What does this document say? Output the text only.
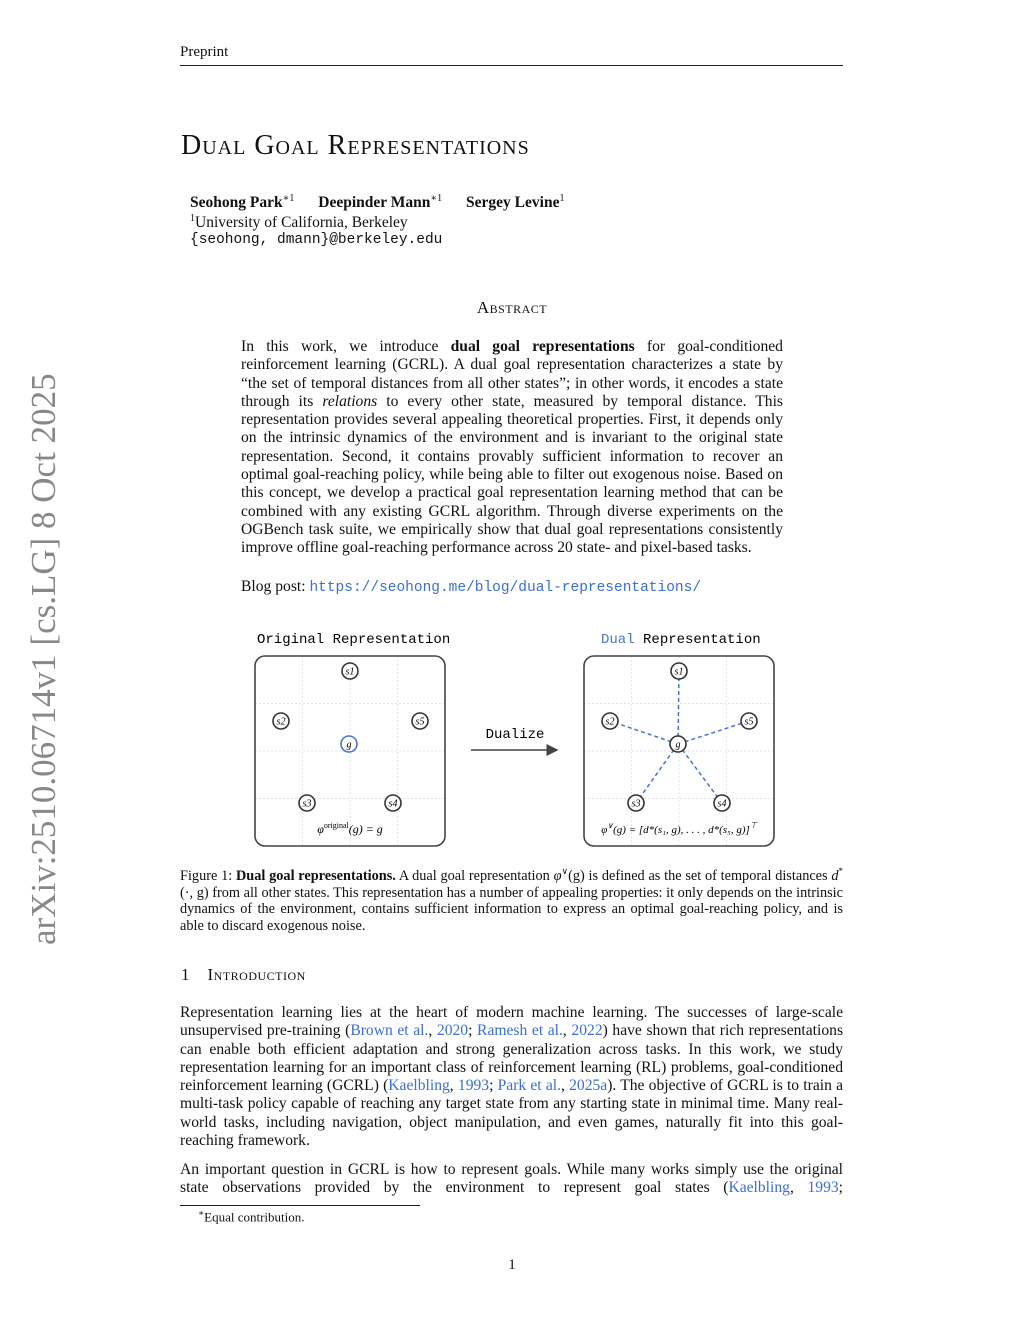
Preprint
Dual Goal Representations
Seohong Park$^{∗1}$ Deepinder Mann$^{∗1}$ Sergey Levine$^1$
$^1$University of California, Berkeley
{seohong, dmann}@berkeley.edu
Abstract
In this work, we introduce dual goal representations for goal-conditioned reinforcement learning (GCRL). A dual goal representation characterizes a state by “the set of temporal distances from all other states”; in other words, it encodes a state through its relations to every other state, measured by temporal distance. This representation provides several appealing theoretical properties. First, it depends only on the intrinsic dynamics of the environment and is invariant to the original state representation. Second, it contains provably sufficient information to recover an optimal goal-reaching policy, while being able to filter out exogenous noise. Based on this concept, we develop a practical goal representation learning method that can be combined with any existing GCRL algorithm. Through diverse experiments on the OGBench task suite, we empirically show that dual goal representations consistently improve offline goal-reaching performance across 20 state- and pixel-based tasks.
Blog post: https://seohong.me/blog/dual-representations/
Original Representation	Dual Representation
s1
s2	s5
g
s3	s4
s1
s2	s5
g
s3	s4
Dualize
$\varphi^{original}(g) = g$	φ∨(g) = [d*(s₁, g), . . . , d*(s₅, g)]⊤
Figure 1: Dual goal representations. A dual goal representation φ∨(g) is defined as the set of temporal distances d*(·, g) from all other states. This representation has a number of appealing properties: it only depends on the intrinsic dynamics of the environment, contains sufficient information to express an optimal goal-reaching policy, and is able to discard exogenous noise.
1 Introduction
Representation learning lies at the heart of modern machine learning. The successes of large-scale unsupervised pre-training (Brown et al., 2020; Ramesh et al., 2022) have shown that rich representations can enable both efficient adaptation and strong generalization across tasks. In this work, we study representation learning for an important class of reinforcement learning (RL) problems, goal-conditioned reinforcement learning (GCRL) (Kaelbling, 1993; Park et al., 2025a). The objective of GCRL is to train a multi-task policy capable of reaching any target state from any starting state in minimal time. Many real-world tasks, including navigation, object manipulation, and even games, naturally fit into this goal-reaching framework.
An important question in GCRL is how to represent goals. While many works simply use the original state observations provided by the environment to represent goal states (Kaelbling, 1993;
∗Equal contribution.
1
arXiv:2510.06714v1 [cs.LG] 8 Oct 2025
